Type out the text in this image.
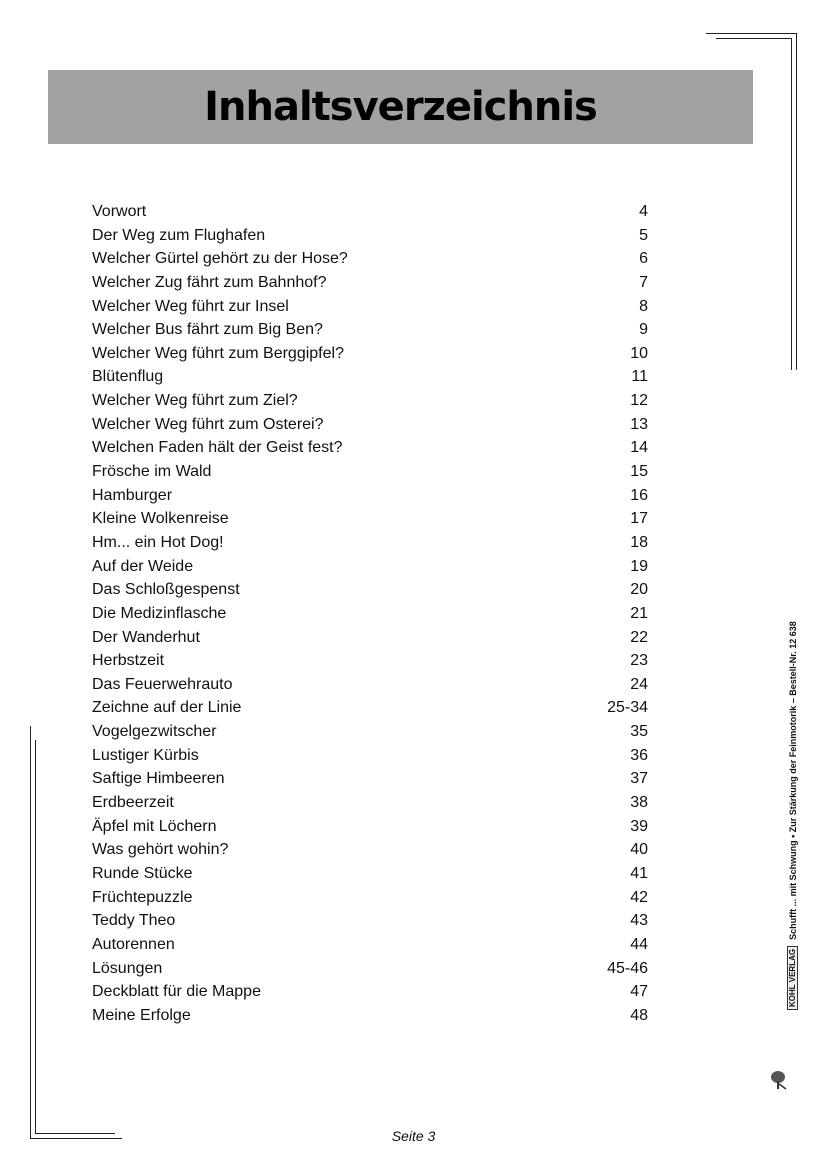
Inhaltsverzeichnis
Vorwort	4
Der Weg zum Flughafen	5
Welcher Gürtel gehört zu der Hose?	6
Welcher Zug fährt zum Bahnhof?	7
Welcher Weg führt zur Insel	8
Welcher Bus fährt zum Big Ben?	9
Welcher Weg führt zum Berggipfel?	10
Blütenflug	11
Welcher Weg führt zum Ziel?	12
Welcher Weg führt zum Osterei?	13
Welchen Faden hält der Geist fest?	14
Frösche im Wald	15
Hamburger	16
Kleine Wolkenreise	17
Hm... ein Hot Dog!	18
Auf der Weide	19
Das Schloßgespenst	20
Die Medizinflasche	21
Der Wanderhut	22
Herbstzeit	23
Das Feuerwehrauto	24
Zeichne auf der Linie	25-34
Vogelgezwitscher	35
Lustiger Kürbis	36
Saftige Himbeeren	37
Erdbeerzeit	38
Äpfel mit Löchern	39
Was gehört wohin?	40
Runde Stücke	41
Früchtepuzzle	42
Teddy Theo	43
Autorennen	44
Lösungen	45-46
Deckblatt für die Mappe	47
Meine Erfolge	48
Seite 3
KOHL VERLAG
Schufft ... mit Schwung • Zur Stärkung der Feinmotorik – Bestell-Nr. 12 638
